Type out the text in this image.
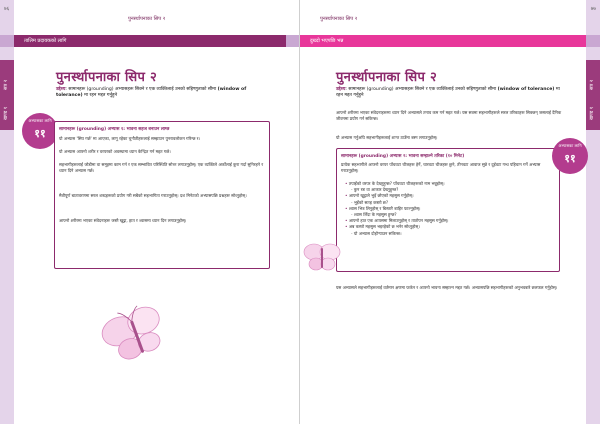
७६
पुनर्स्थापनाका सिप २
तालिम प्रदायकको लागि
सत्र २
खण्ड १
पुनर्स्थापनाका सिप २
उद्देश्य: सामानहरू (grounding) अभ्यासहरू सिक्ने र एक व्यक्तिलाई उनको सहिष्णुताको सीमा (window of tolerance) मा रहन मद्दत गर्नुहुने
अभ्यासका लागि
११	सामानहरू (grounding) अभ्यास १: भावना सहज बनाउन लाग्छ
यो अभ्यास 'सिप गर्छ' मा आएका, लागू रहेका चुनौतीहरूलाई सम्झाउन पुनरावलोकन गरिन्छ र।
यो अभ्यास आफ्नो शरीर र वरपरको अवस्थामा ध्यान केन्द्रित गर्न मद्दत गर्छ।
सहभागीहरूलाई जोडीमा वा समूहमा काम गर्न र एक सम्भावित परिस्थिति सोच्न लगाउनुहोस्। एक व्यक्तिले अर्कोलाई कुरा गर्दा सुनिरहने र ध्यान दिने अभ्यास गर्छ।
मैत्रीपूर्ण बातावरणमा सरल शब्दहरूको प्रयोग गरी सबैको सहभागिता गराउनुहोस्। दश मिनेटको अभ्यासपछि प्रश्नहरू सोध्नुहोस्।
आफ्नो शरीरमा भएका संवेदनाहरू जस्तै खुट्टा, हात र श्वासमा ध्यान दिन लगाउनुहोस्।
७७
पुनर्स्थापनाका सिप २
दुख्दो भएपछि भन्न
सत्र २
खण्ड १
पुनर्स्थापनाका सिप २
उद्देश्य: सामानहरू (grounding) अभ्यासहरू सिक्ने र एक व्यक्तिलाई उनको सहिष्णुताको सीमा (window of tolerance) मा रहन मद्दत गर्नुहुने
आफ्नो शरीरमा भएका संवेदनाहरूमा ध्यान दिने अभ्यासले तनाव कम गर्न मद्दत गर्छ। यस सत्रमा सहभागीहरूले सरल तरिकाहरू सिक्छन् जसलाई दैनिक जीवनमा प्रयोग गर्न सकिन्छ।
यो अभ्यास गर्नुअघि सहभागीहरूलाई शान्त ठाउँमा बस्न लगाउनुहोस्।
सामानहरू (grounding) अभ्यास २: भावना सम्हाल्ने तरिका (१० मिनेट)
प्रत्येक सहभागीले आफ्नो वरपर पाँचवटा चीजहरू हेर्ने, चारवटा चीजहरू छुने, तीनवटा आवाज सुन्ने र दुईवटा गन्ध पहिचान गर्ने अभ्यास गराउनुहोस्।
• तपाईंको वरपर के देख्नुहुन्छ? पाँचवटा चीजहरूको नाम भन्नुहोस्।
- कुन रङ वा आकार देख्नुहुन्छ?
• आफ्नो खुट्टाले भुइँ छोएको महसुस गर्नुहोस्।
- भुइँको सतह कस्तो छ?
• श्वास भित्र लिनुहोस् र बिस्तारै बाहिर फाल्नुहोस्।
- श्वास लिँदा के महसुस हुन्छ?
• आफ्नो हात एक आपसमा मिलाउनुहोस् र तातोपन महसुस गर्नुहोस्।
• अब कस्तो महसुस भइरहेको छ भनेर सोध्नुहोस्।
- यो अभ्यास दोहोर्‍याउन सकिन्छ।
अभ्यासका लागि
११
यस अभ्यासले सहभागीहरूलाई वर्तमान क्षणमा फर्कन र आफ्नो भावना सम्हाल्न मद्दत गर्छ। अभ्यासपछि सहभागीहरूको अनुभवबारे छलफल गर्नुहोस्।
